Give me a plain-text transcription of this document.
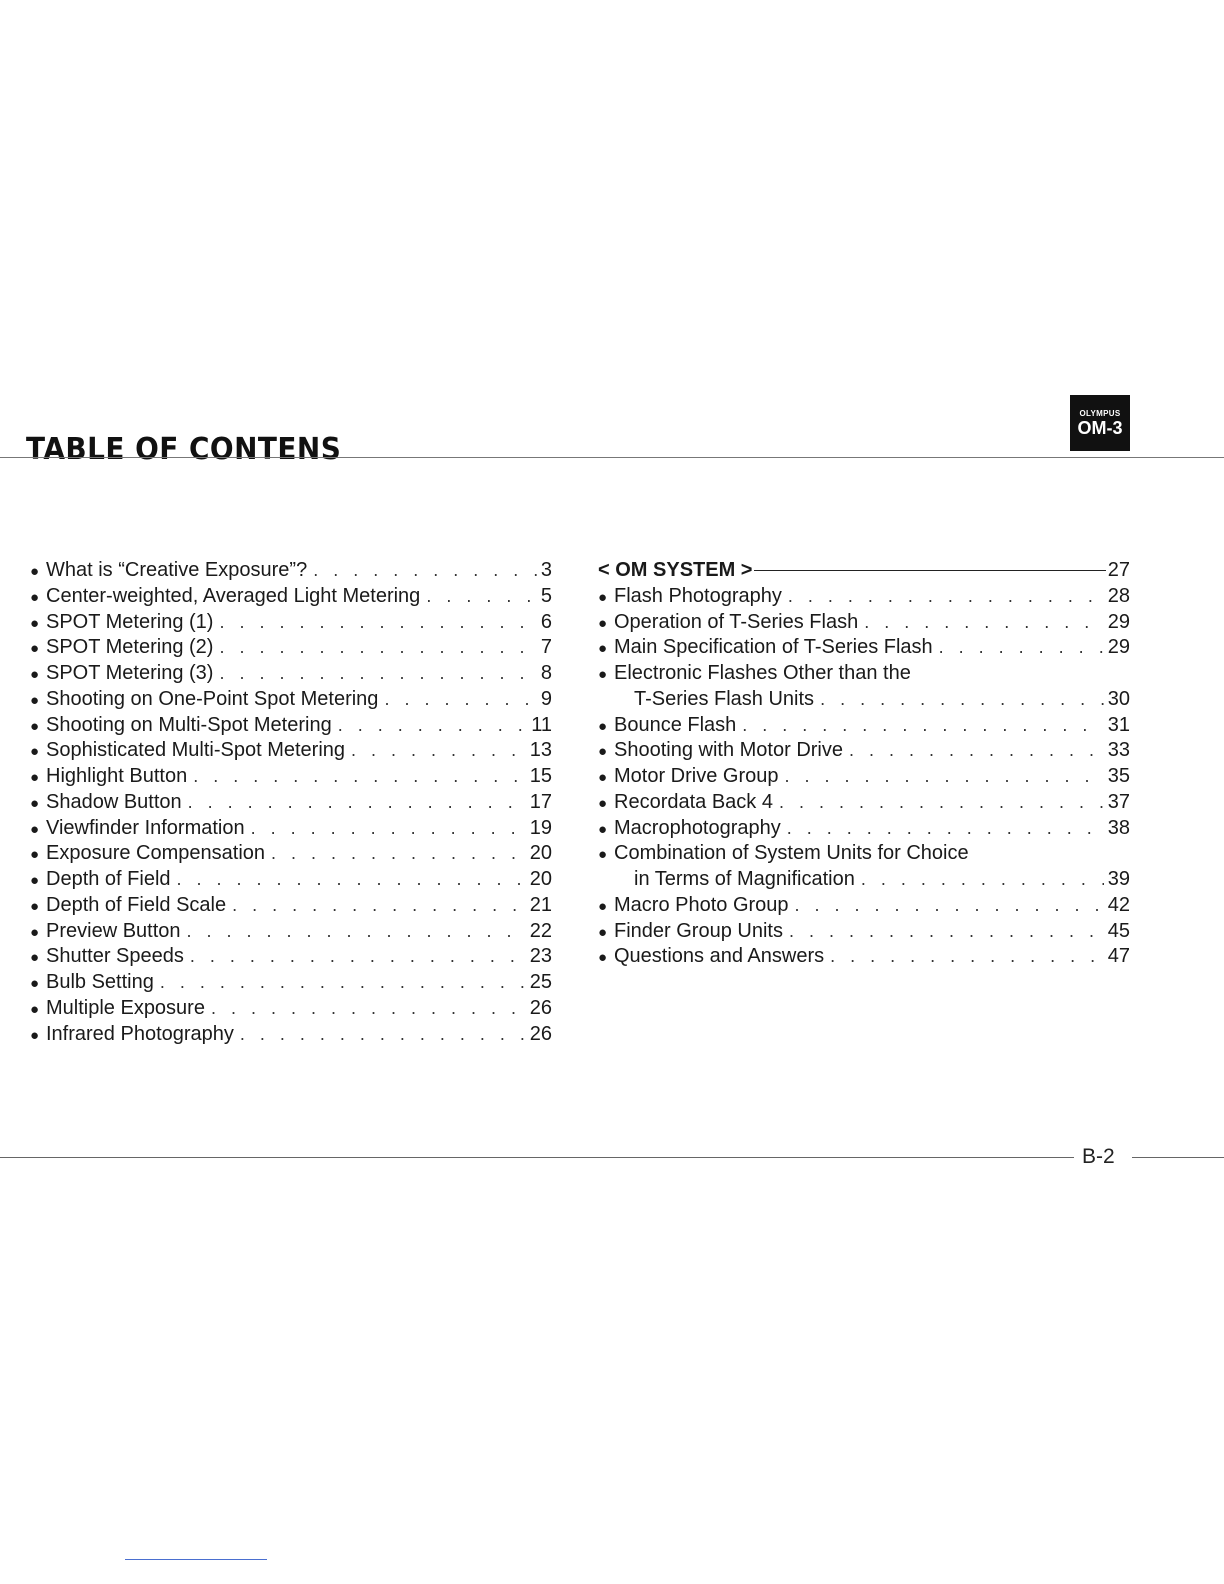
TABLE OF CONTENS
OLYMPUS
OM-3
● What is “Creative Exposure”? . . .	3
● Center-weighted, Averaged Light Metering . . .	5
● SPOT Metering (1) . . .	6
● SPOT Metering (2) . . .	7
● SPOT Metering (3) . . .	8
● Shooting on One-Point Spot Metering . . .	9
● Shooting on Multi-Spot Metering . . .	11
● Sophisticated Multi-Spot Metering . . .	13
● Highlight Button . . .	15
● Shadow Button . . .	17
● Viewfinder Information . . .	19
● Exposure Compensation . . .	20
● Depth of Field . . .	20
● Depth of Field Scale . . .	21
● Preview Button . . .	22
● Shutter Speeds . . .	23
● Bulb Setting . . .	25
● Multiple Exposure . . .	26
● Infrared Photography . . .	26
< OM SYSTEM >	27
● Flash Photography . . .	28
● Operation of T-Series Flash . . .	29
● Main Specification of T-Series Flash . . .	29
● Electronic Flashes Other than the
T-Series Flash Units . . .	30
● Bounce Flash . . .	31
● Shooting with Motor Drive . . .	33
● Motor Drive Group . . .	35
● Recordata Back 4 . . .	37
● Macrophotography . . .	38
● Combination of System Units for Choice
in Terms of Magnification . . .	39
● Macro Photo Group . . .	42
● Finder Group Units . . .	45
● Questions and Answers . . .	47
B-2
